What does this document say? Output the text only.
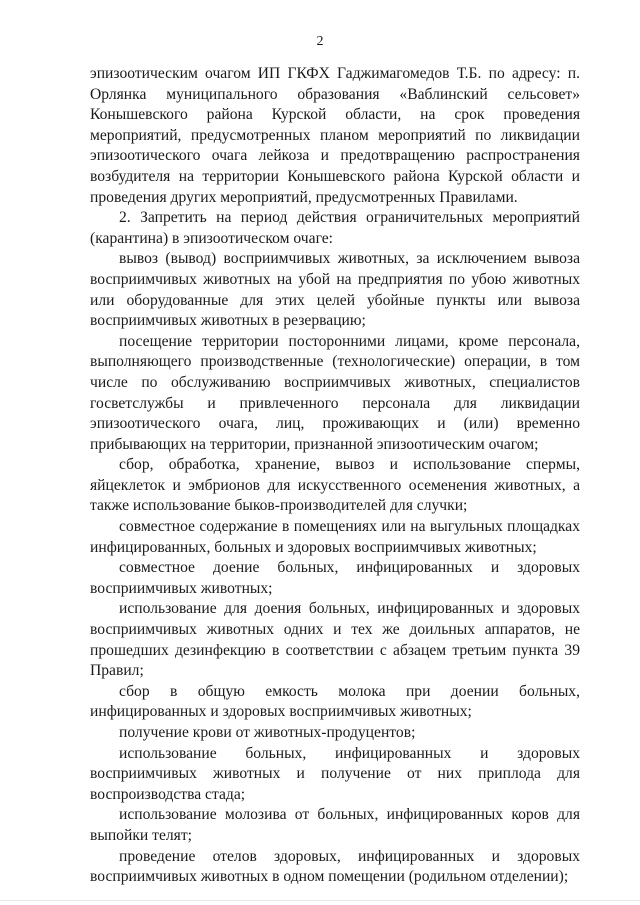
2

эпизоотическим очагом ИП ГКФХ Гаджимагомедов Т.Б. по адресу: п. Орлянка муниципального образования «Ваблинский сельсовет» Конышевского района Курской области, на срок проведения мероприятий, предусмотренных планом мероприятий по ликвидации эпизоотического очага лейкоза и предотвращению распространения возбудителя на территории Конышевского района Курской области и проведения других мероприятий, предусмотренных Правилами.

2. Запретить на период действия ограничительных мероприятий (карантина) в эпизоотическом очаге:

вывоз (вывод) восприимчивых животных, за исключением вывоза восприимчивых животных на убой на предприятия по убою животных или оборудованные для этих целей убойные пункты или вывоза восприимчивых животных в резервацию;

посещение территории посторонними лицами, кроме персонала, выполняющего производственные (технологические) операции, в том числе по обслуживанию восприимчивых животных, специалистов госветслужбы и привлеченного персонала для ликвидации эпизоотического очага, лиц, проживающих и (или) временно прибывающих на территории, признанной эпизоотическим очагом;

сбор, обработка, хранение, вывоз и использование спермы, яйцеклеток и эмбрионов для искусственного осеменения животных, а также использование быков-производителей для случки;

совместное содержание в помещениях или на выгульных площадках инфицированных, больных и здоровых восприимчивых животных;

совместное доение больных, инфицированных и здоровых восприимчивых животных;

использование для доения больных, инфицированных и здоровых восприимчивых животных одних и тех же доильных аппаратов, не прошедших дезинфекцию в соответствии с абзацем третьим пункта 39 Правил;

сбор в общую емкость молока при доении больных, инфицированных и здоровых восприимчивых животных;

получение крови от животных-продуцентов;

использование больных, инфицированных и здоровых восприимчивых животных и получение от них приплода для воспроизводства стада;

использование молозива от больных, инфицированных коров для выпойки телят;

проведение отелов здоровых, инфицированных и здоровых восприимчивых животных в одном помещении (родильном отделении);
